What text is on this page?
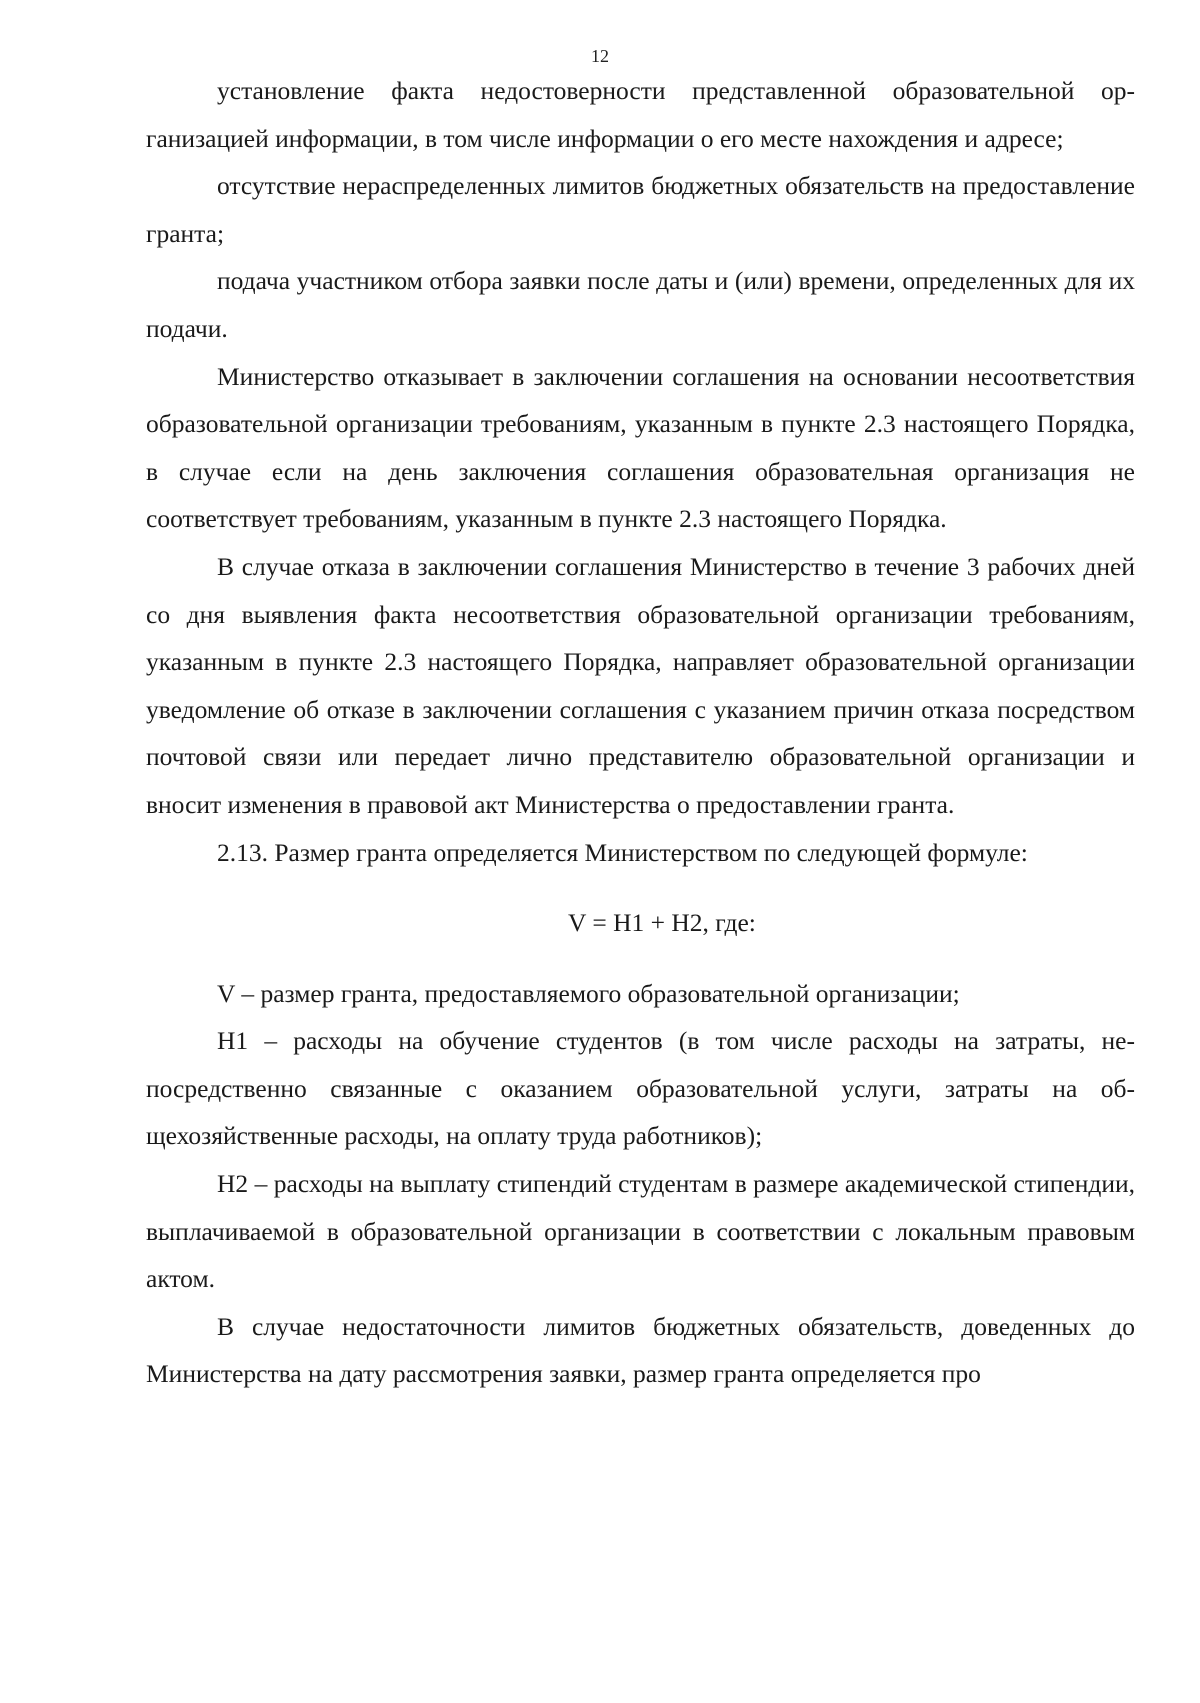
12

установление факта недостоверности представленной образовательной организацией информации, в том числе информации о его месте нахождения и адресе;

отсутствие нераспределенных лимитов бюджетных обязательств на предоставление гранта;

подача участником отбора заявки после даты и (или) времени, определенных для их подачи.

Министерство отказывает в заключении соглашения на основании несоответствия образовательной организации требованиям, указанным в пункте 2.3 настоящего Порядка, в случае если на день заключения соглашения образовательная организация не соответствует требованиям, указанным в пункте 2.3 настоящего Порядка.

В случае отказа в заключении соглашения Министерство в течение 3 рабочих дней со дня выявления факта несоответствия образовательной организации требованиям, указанным в пункте 2.3 настоящего Порядка, направляет образовательной организации уведомление об отказе в заключении соглашения с указанием причин отказа посредством почтовой связи или передает лично представителю образовательной организации и вносит изменения в правовой акт Министерства о предоставлении гранта.

2.13. Размер гранта определяется Министерством по следующей формуле:

V = H1 + H2, где:

V – размер гранта, предоставляемого образовательной организации;

H1 – расходы на обучение студентов (в том числе расходы на затраты, непосредственно связанные с оказанием образовательной услуги, затраты на общехозяйственные расходы, на оплату труда работников);

H2 – расходы на выплату стипендий студентам в размере академической стипендии, выплачиваемой в образовательной организации в соответствии с локальным правовым актом.

В случае недостаточности лимитов бюджетных обязательств, доведенных до Министерства на дату рассмотрения заявки, размер гранта определяется про
